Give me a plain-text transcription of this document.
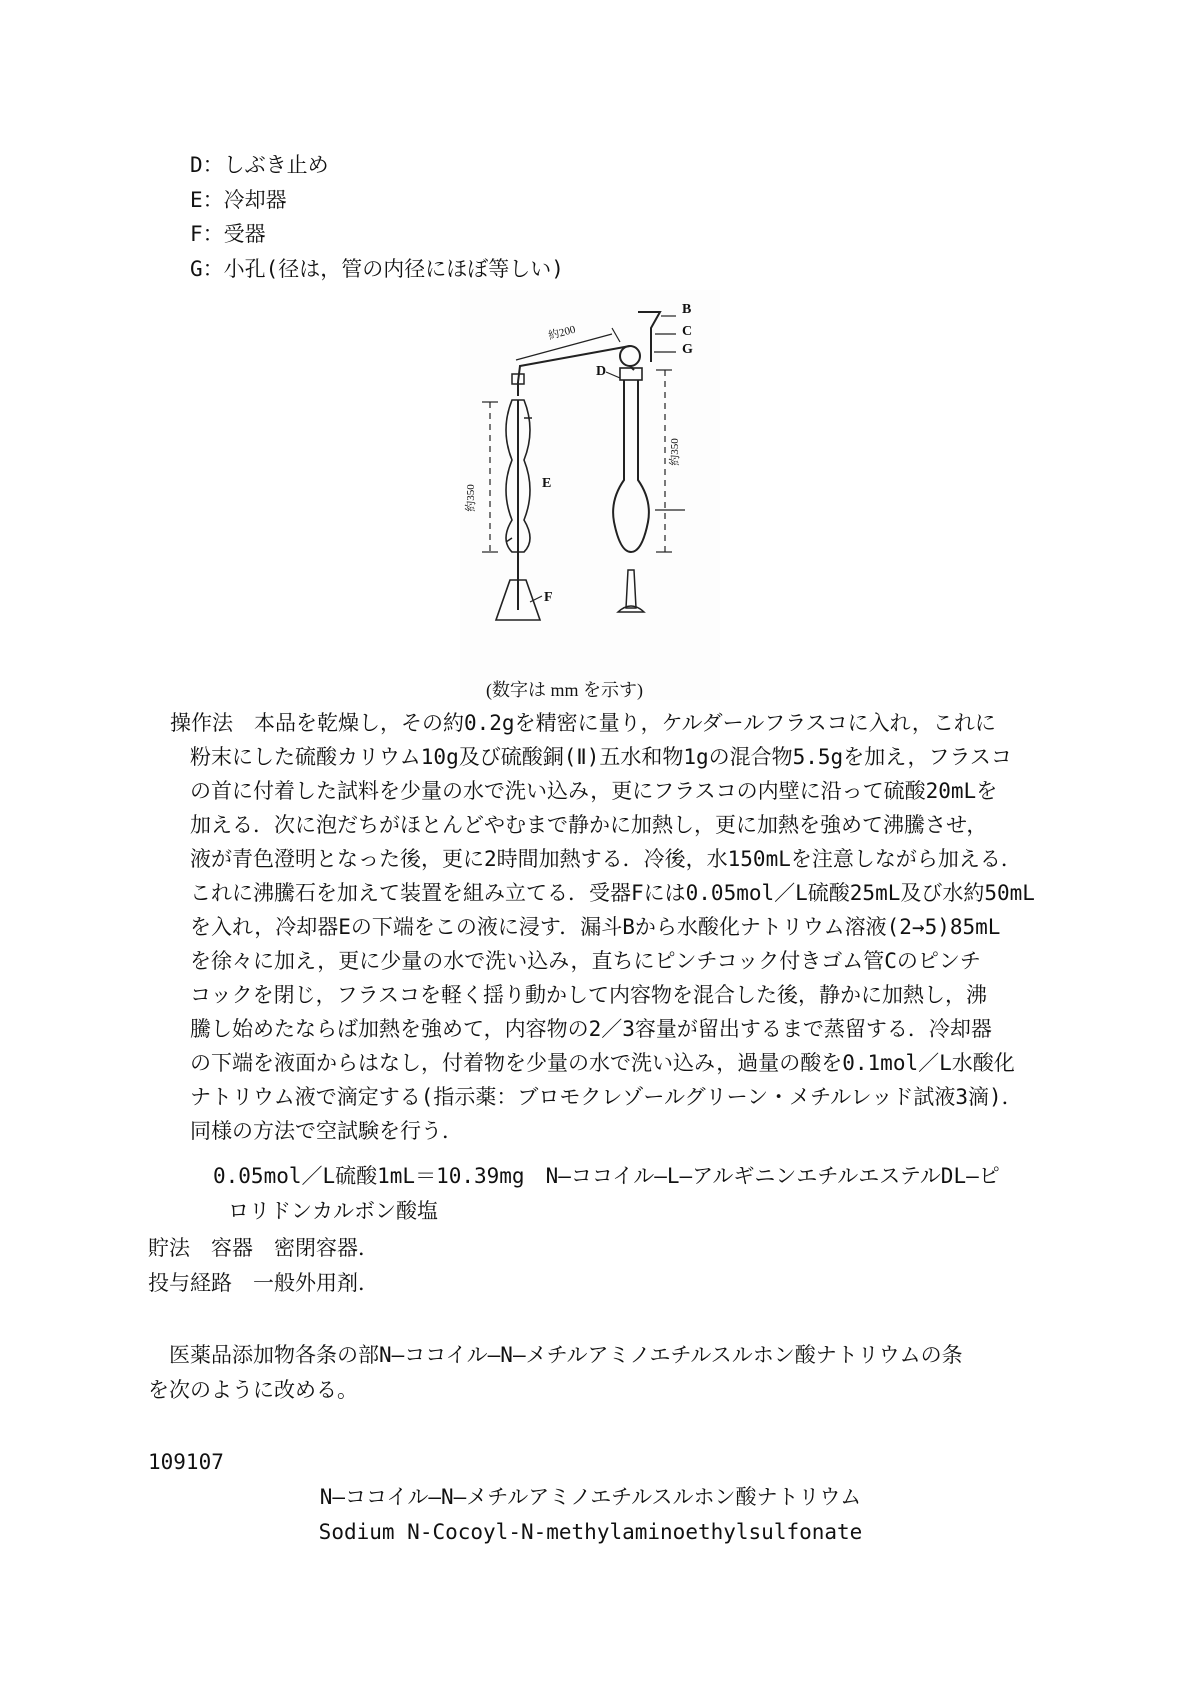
D：しぶき止め
E：冷却器
F：受器
G：小孔(径は，管の内径にほぼ等しい)
B
C
G
D
E
F
約200
約350
約350
(数字は mm を示す)
操作法　本品を乾燥し，その約0.2gを精密に量り，ケルダールフラスコに入れ，これに
粉末にした硫酸カリウム10g及び硫酸銅(Ⅱ)五水和物1gの混合物5.5gを加え，フラスコ
の首に付着した試料を少量の水で洗い込み，更にフラスコの内壁に沿って硫酸20mLを
加える．次に泡だちがほとんどやむまで静かに加熱し，更に加熱を強めて沸騰させ，
液が青色澄明となった後，更に2時間加熱する．冷後，水150mLを注意しながら加える．
これに沸騰石を加えて装置を組み立てる．受器Fには0.05mol／L硫酸25mL及び水約50mL
を入れ，冷却器Eの下端をこの液に浸す．漏斗Bから水酸化ナトリウム溶液(2→5)85mL
を徐々に加え，更に少量の水で洗い込み，直ちにピンチコック付きゴム管Cのピンチ
コックを閉じ，フラスコを軽く揺り動かして内容物を混合した後，静かに加熱し，沸
騰し始めたならば加熱を強めて，内容物の2／3容量が留出するまで蒸留する．冷却器
の下端を液面からはなし，付着物を少量の水で洗い込み，過量の酸を0.1mol／L水酸化
ナトリウム液で滴定する(指示薬：ブロモクレゾールグリーン・メチルレッド試液3滴)．
同様の方法で空試験を行う．
0.05mol／L硫酸1mL＝10.39mg　N—ココイル—L—アルギニンエチルエステルDL—ピ
ロリドンカルボン酸塩
貯法　容器　密閉容器．
投与経路　一般外用剤．
　医薬品添加物各条の部N—ココイル—N—メチルアミノエチルスルホン酸ナトリウムの条
を次のように改める。
109107
N—ココイル—N—メチルアミノエチルスルホン酸ナトリウム
Sodium N-Cocoyl-N-methylaminoethylsulfonate
